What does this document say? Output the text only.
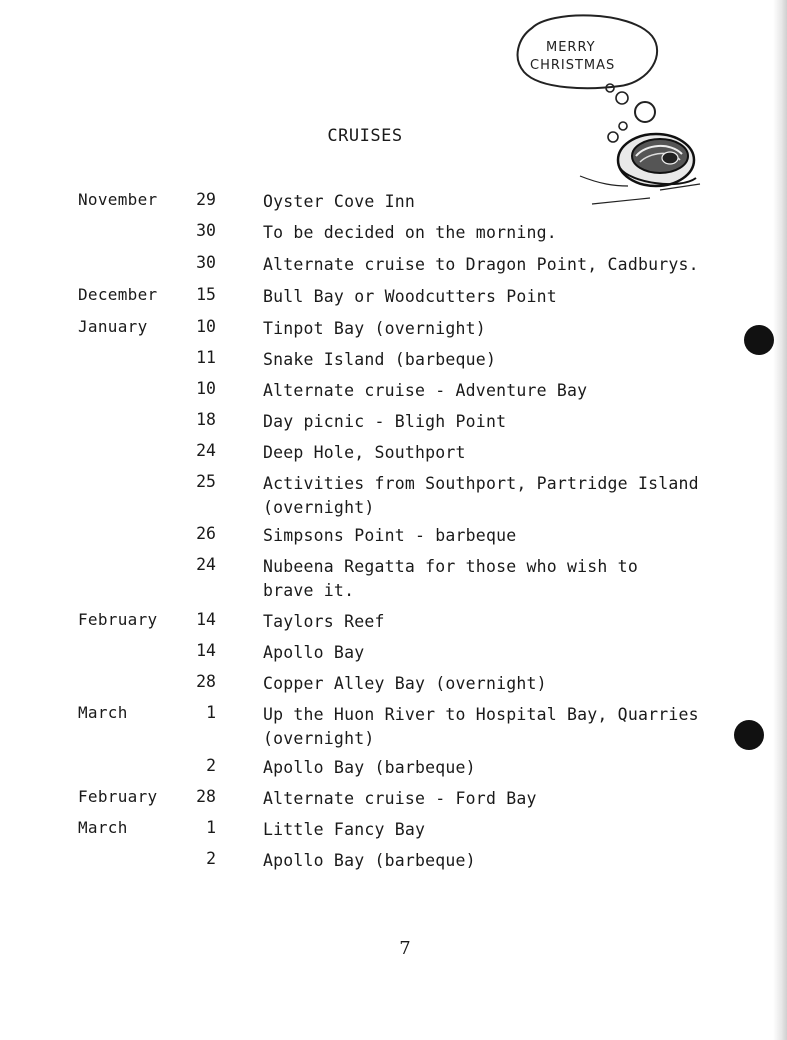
MERRY
CHRISTMAS
CRUISES
November	29	Oyster Cove Inn
30	To be decided on the morning.
30	Alternate cruise to Dragon Point, Cadburys.
December	15	Bull Bay or Woodcutters Point
January	10	Tinpot Bay (overnight)
11	Snake Island (barbeque)
10	Alternate cruise - Adventure Bay
18	Day picnic - Bligh Point
24	Deep Hole, Southport
25	Activities from Southport, Partridge Island
(overnight)
26	Simpsons Point - barbeque
24	Nubeena Regatta for those who wish to
brave it.
February	14	Taylors Reef
14	Apollo Bay
28	Copper Alley Bay (overnight)
March	1	Up the Huon River to Hospital Bay, Quarries
(overnight)
2	Apollo Bay (barbeque)
February	28	Alternate cruise - Ford Bay
March	1	Little Fancy Bay
2	Apollo Bay (barbeque)
7
